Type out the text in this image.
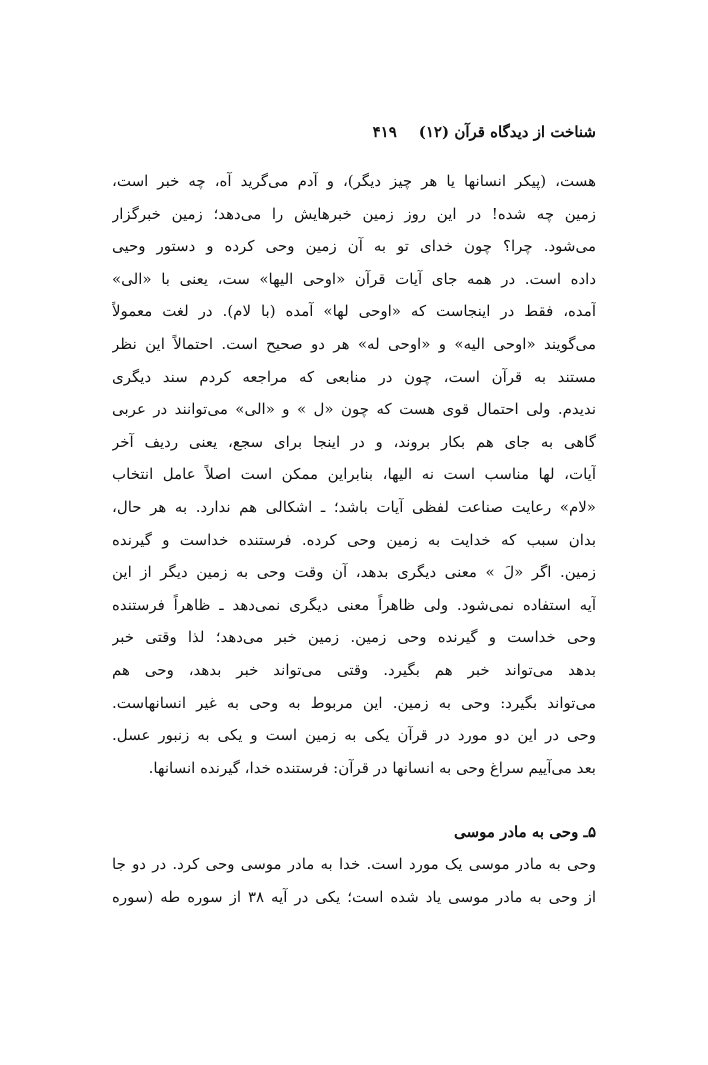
شناخت از دیدگاه قرآن (۱۲)
۴۱۹
هست، (پیکر انسانها یا هر چیز دیگر)، و آدم می‌گرید آه، چه خبر است،
زمین چه شده! در این روز زمین خبرهایش را می‌دهد؛ زمین خبرگزار
می‌شود. چرا؟ چون خدای تو به آن زمین وحی کرده و دستور وحیی
داده است. در همه جای آیات قرآن «اوحی الیها» ست، یعنی با «الی»
آمده، فقط در اینجاست که «اوحی لها» آمده (با لام). در لغت معمولاً
می‌گویند «اوحی الیه» و «اوحی له» هر دو صحیح است. احتمالاً این نظر
مستند به قرآن است، چون در منابعی که مراجعه کردم سند دیگری
ندیدم. ولی احتمال قوی هست که چون «ل » و «الی» می‌توانند در عربی
گاهی به جای هم بکار بروند، و در اینجا برای سجع، یعنی ردیف آخر
آیات، لها مناسب است نه الیها، بنابراین ممکن است اصلاً عامل انتخاب
«لام» رعایت صناعت لفظی آیات باشد؛ ـ اشکالی هم ندارد. به هر حال،
بدان سبب که خدایت به زمین وحی کرده. فرستنده خداست و گیرنده
زمین. اگر «لَ » معنی دیگری بدهد، آن وقت وحی به زمین دیگر از این
آیه استفاده نمی‌شود. ولی ظاهراً معنی دیگری نمی‌دهد ـ ظاهراً فرستنده
وحی خداست و گیرنده وحی زمین. زمین خبر می‌دهد؛ لذا وقتی خبر
بدهد می‌تواند خبر هم بگیرد. وقتی می‌تواند خبر بدهد، وحی هم
می‌تواند بگیرد: وحی به زمین. این مربوط به وحی به غیر انسانهاست.
وحی در این دو مورد در قرآن یکی به زمین است و یکی به زنبور عسل.
بعد می‌آییم سراغ وحی به انسانها در قرآن: فرستنده خدا، گیرنده انسانها.
۵ـ وحی به مادر موسی
وحی به مادر موسی یک مورد است. خدا به مادر موسی وحی کرد. در دو جا
از وحی به مادر موسی یاد شده است؛ یکی در آیه ۳۸ از سوره طه (سوره
